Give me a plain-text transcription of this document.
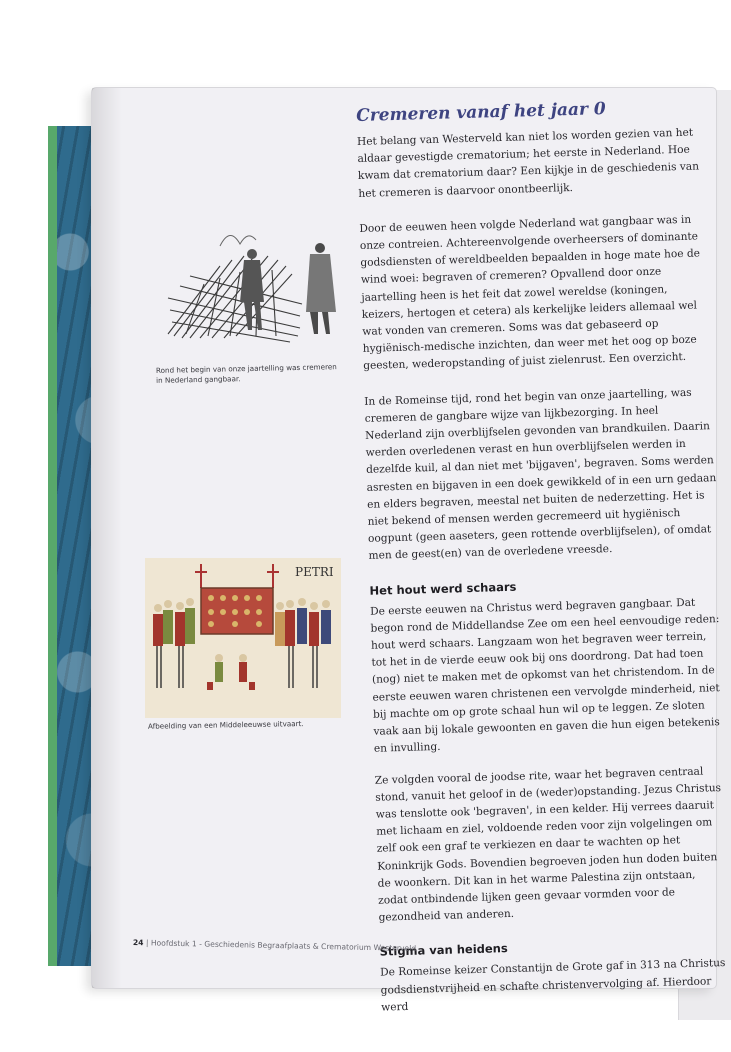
Rond het begin van onze jaartelling was cremeren in Nederland gangbaar.
PETRI
Afbeelding van een Middeleeuwse uitvaart.
Cremeren vanaf het jaar 0

Het belang van Westerveld kan niet los worden gezien van het aldaar gevestigde crematorium; het eerste in Nederland. Hoe kwam dat crematorium daar? Een kijkje in de geschiedenis van het cremeren is daarvoor onontbeerlijk.

Door de eeuwen heen volgde Nederland wat gangbaar was in onze contreien. Achtereenvolgende overheersers of dominante godsdiensten of wereldbeelden bepaalden in hoge mate hoe de wind woei: begraven of cremeren? Opvallend door onze jaartelling heen is het feit dat zowel wereldse (koningen, keizers, hertogen et cetera) als kerkelijke leiders allemaal wel wat vonden van cremeren. Soms was dat gebaseerd op hygiënisch-medische inzichten, dan weer met het oog op boze geesten, wederopstanding of juist zielenrust. Een overzicht.

In de Romeinse tijd, rond het begin van onze jaartelling, was cremeren de gangbare wijze van lijkbezorging. In heel Nederland zijn overblijfselen gevonden van brandkuilen. Daarin werden overledenen verast en hun overblijfselen werden in dezelfde kuil, al dan niet met 'bijgaven', begraven. Soms werden asresten en bijgaven in een doek gewikkeld of in een urn gedaan en elders begraven, meestal net buiten de nederzetting. Het is niet bekend of mensen werden gecremeerd uit hygiënisch oogpunt (geen aaseters, geen rottende overblijfselen), of omdat men de geest(en) van de overledene vreesde.

Het hout werd schaars

De eerste eeuwen na Christus werd begraven gangbaar. Dat begon rond de Middellandse Zee om een heel eenvoudige reden: hout werd schaars. Langzaam won het begraven weer terrein, tot het in de vierde eeuw ook bij ons doordrong. Dat had toen (nog) niet te maken met de opkomst van het christendom. In de eerste eeuwen waren christenen een vervolgde minderheid, niet bij machte om op grote schaal hun wil op te leggen. Ze sloten vaak aan bij lokale gewoonten en gaven die hun eigen betekenis en invulling.

Ze volgden vooral de joodse rite, waar het begraven centraal stond, vanuit het geloof in de (weder)opstanding. Jezus Christus was tenslotte ook 'begraven', in een kelder. Hij verrees daaruit met lichaam en ziel, voldoende reden voor zijn volgelingen om zelf ook een graf te verkiezen en daar te wachten op het Koninkrijk Gods. Bovendien begroeven joden hun doden buiten de woonkern. Dit kan in het warme Palestina zijn ontstaan, zodat ontbindende lijken geen gevaar vormden voor de gezondheid van anderen.

Stigma van heidens

De Romeinse keizer Constantijn de Grote gaf in 313 na Christus godsdienstvrijheid en schafte christenvervolging af. Hierdoor werd

24 | Hoofdstuk 1 - Geschiedenis Begraafplaats & Crematorium Westerveld
